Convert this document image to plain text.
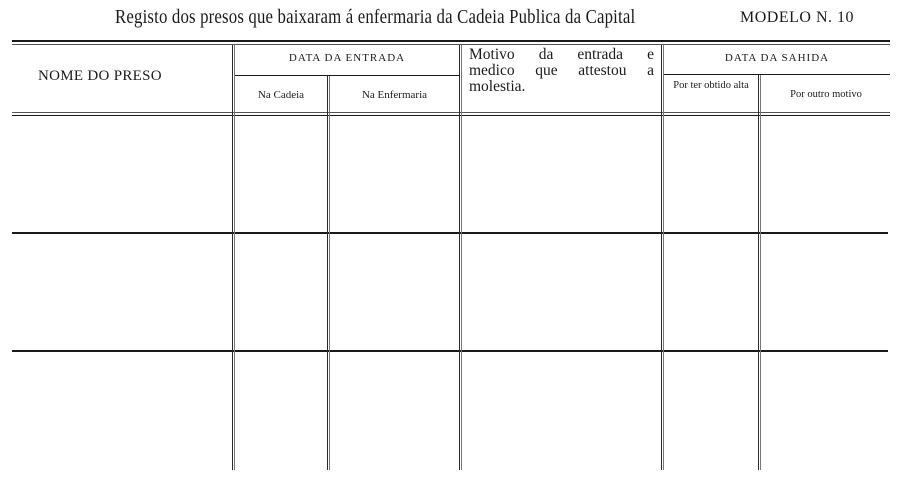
Registo dos presos que baixaram á enfermaria da Cadeia Publica da Capital	MODELO N. 10
NOME DO PRESO
DATA DA ENTRADA
Na Cadeia	Na Enfermaria
Motivo da entrada e
medico que attestou a
molestia.
DATA DA SAHIDA
Por ter obtido alta
Por outro motivo
